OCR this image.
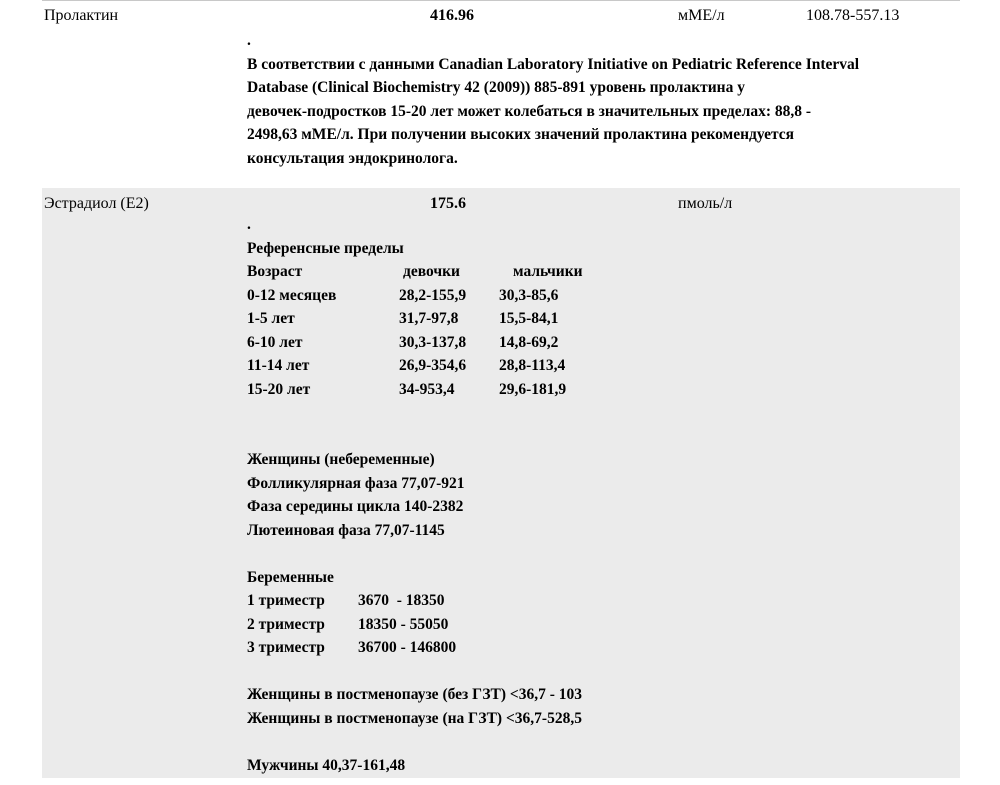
Пролактин	416.96	мМЕ/л	108.78-557.13
.
В соответствии с данными Canadian Laboratory Initiative on Pediatric Reference Interval
Database (Clinical Biochemistry 42 (2009)) 885-891 уровень пролактина у
девочек-подростков 15-20 лет может колебаться в значительных пределах: 88,8 -
2498,63 мМЕ/л. При получении высоких значений пролактина рекомендуется
консультация эндокринолога.
Эстрадиол (E2)	175.6	пмоль/л
.
Референсные пределы
Возраст	девочки	мальчики
0-12 месяцев	28,2-155,9 30,3-85,6
1-5 лет	31,7-97,8	15,5-84,1
6-10 лет	30,3-137,8 14,8-69,2
11-14 лет	26,9-354,6 28,8-113,4
15-20 лет	34-953,4	29,6-181,9
Женщины (небеременные)
Фолликулярная фаза 77,07-921
Фаза середины цикла 140-2382
Лютеиновая фаза 77,07-1145
Беременные
1 триместр 3670  - 18350
2 триместр 18350 - 55050
3 триместр 36700 - 146800
Женщины в постменопаузе (без ГЗТ) <36,7 - 103
Женщины в постменопаузе (на ГЗТ) <36,7-528,5
Мужчины 40,37-161,48
